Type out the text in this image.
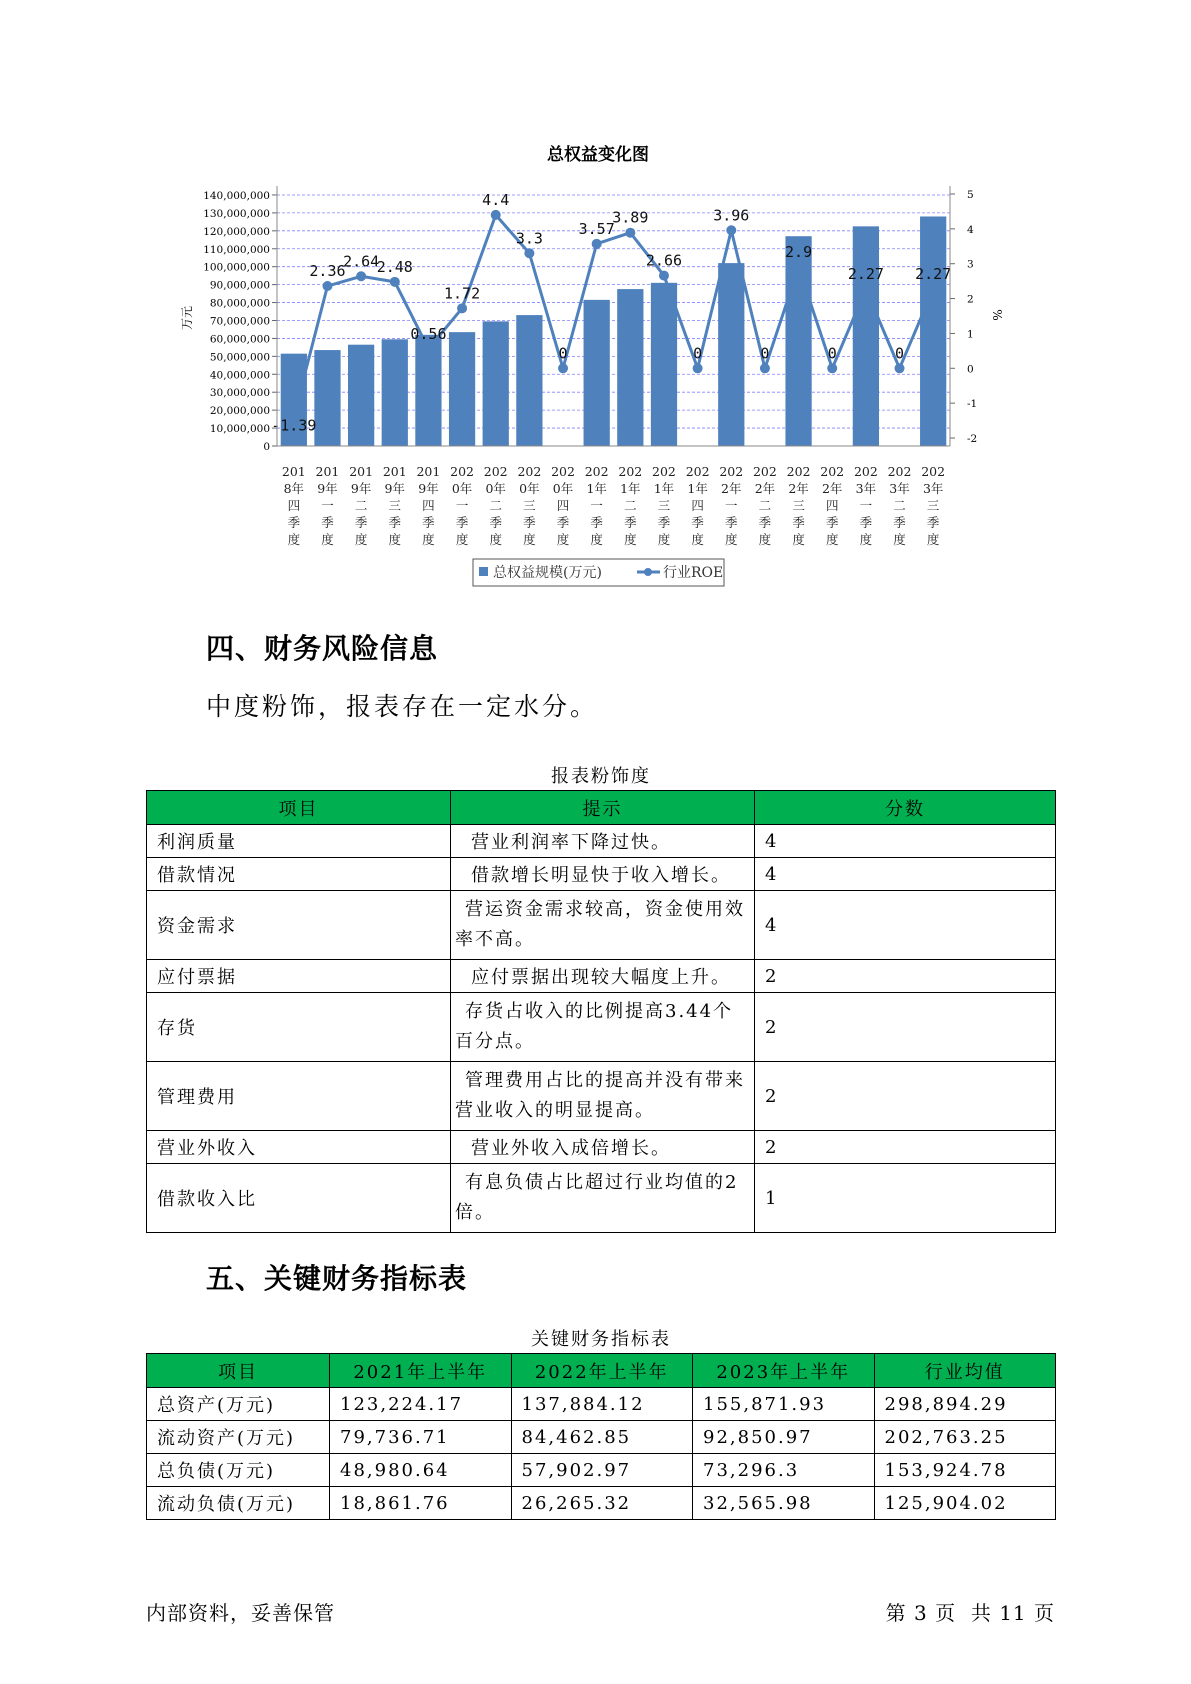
总权益变化图
-1.39
2.36
2.64
2.48
0.56
1.72
4.4
3.3
0
3.57
3.89
2.66
0
3.96
0
2.9
0
2.27
0
2.27
0
10,000,000
20,000,000
30,000,000
40,000,000
50,000,000
60,000,000
70,000,000
80,000,000
90,000,000
100,000,000
110,000,000
120,000,000
130,000,000
140,000,000
-2
-1
0
1
2
3
4
5
201
8年
四
季
度
201
9年
一
季
度
201
9年
二
季
度
201
9年
三
季
度
201
9年
四
季
度
202
0年
一
季
度
202
0年
二
季
度
202
0年
三
季
度
202
0年
四
季
度
202
1年
一
季
度
202
1年
二
季
度
202
1年
三
季
度
202
1年
四
季
度
202
2年
一
季
度
202
2年
二
季
度
202
2年
三
季
度
202
2年
四
季
度
202
3年
一
季
度
202
3年
二
季
度
202
3年
三
季
度
万元	%
总权益规模(万元)	行业ROE
四、财务风险信息
中度粉饰，报表存在一定水分。
报表粉饰度
项目	提示	分数
利润质量	营业利润率下降过快。	4
借款情况	借款增长明显快于收入增长。	4
资金需求	营运资金需求较高，资金使用效率不高。	4
应付票据	应付票据出现较大幅度上升。	2
存货	存货占收入的比例提高3.44个百分点。	2
管理费用	管理费用占比的提高并没有带来营业收入的明显提高。	2
营业外收入	营业外收入成倍增长。	2
借款收入比	有息负债占比超过行业均值的2倍。	1
五、关键财务指标表
关键财务指标表
项目	2021年上半年	2022年上半年	2023年上半年	行业均值
总资产(万元)	123,224.17	137,884.12	155,871.93	298,894.29
流动资产(万元)	79,736.71	84,462.85	92,850.97	202,763.25
总负债(万元)	48,980.64	57,902.97	73,296.3	153,924.78
流动负债(万元)	18,861.76	26,265.32	32,565.98	125,904.02
内部资料，妥善保管	第 3 页 共 11 页
